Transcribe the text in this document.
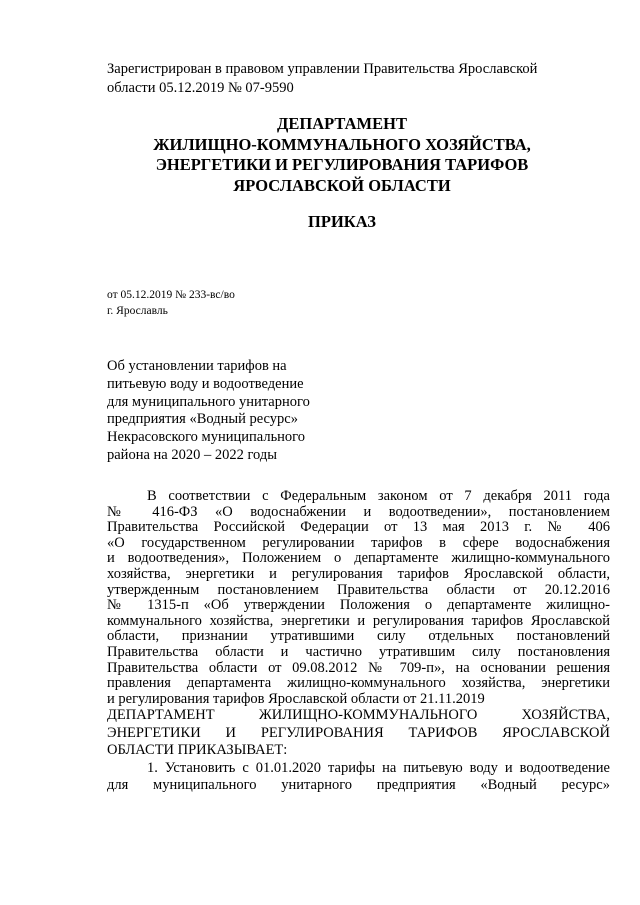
Зарегистрирован в правовом управлении Правительства Ярославской
области 05.12.2019 № 07-9590
ДЕПАРТАМЕНТ
ЖИЛИЩНО-КОММУНАЛЬНОГО ХОЗЯЙСТВА,
ЭНЕРГЕТИКИ И РЕГУЛИРОВАНИЯ ТАРИФОВ
ЯРОСЛАВСКОЙ ОБЛАСТИ
ПРИКАЗ
от 05.12.2019 № 233-вс/во
г. Ярославль
Об установлении тарифов на
питьевую воду и водоотведение
для муниципального унитарного
предприятия «Водный ресурс»
Некрасовского муниципального
района на 2020 – 2022 годы
В соответствии с Федеральным законом от 7 декабря 2011 года
№ 416-ФЗ «О водоснабжении и водоотведении», постановлением
Правительства Российской Федерации от 13 мая 2013 г. № 406
«О государственном регулировании тарифов в сфере водоснабжения
и водоотведения», Положением о департаменте жилищно-коммунального
хозяйства, энергетики и регулирования тарифов Ярославской области,
утвержденным постановлением Правительства области от 20.12.2016
№ 1315-п «Об утверждении Положения о департаменте жилищно-
коммунального хозяйства, энергетики и регулирования тарифов Ярославской
области, признании утратившими силу отдельных постановлений
Правительства области и частично утратившим силу постановления
Правительства области от 09.08.2012 № 709-п», на основании решения
правления департамента жилищно-коммунального хозяйства, энергетики
и регулирования тарифов Ярославской области от 21.11.2019
ДЕПАРТАМЕНТ ЖИЛИЩНО-КОММУНАЛЬНОГО ХОЗЯЙСТВА,
ЭНЕРГЕТИКИ И РЕГУЛИРОВАНИЯ ТАРИФОВ ЯРОСЛАВСКОЙ
ОБЛАСТИ ПРИКАЗЫВАЕТ:
1. Установить с 01.01.2020 тарифы на питьевую воду и водоотведение
для муниципального унитарного предприятия «Водный ресурс»
